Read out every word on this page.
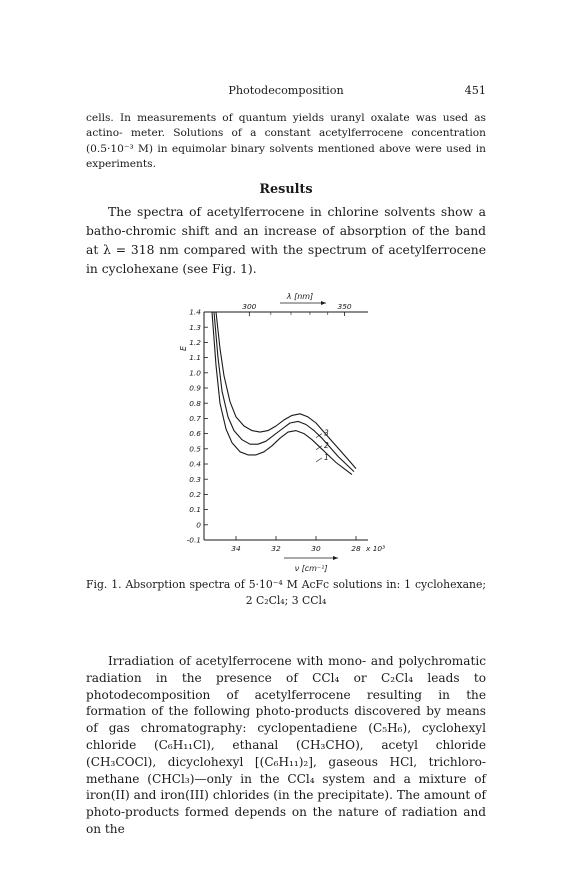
Photodecomposition	451
cells. In measurements of quantum yields uranyl oxalate was used as actino- meter. Solutions of a constant acetylferrocene concentration (0.5·10⁻³ M) in equimolar binary solvents mentioned above were used in experiments.
Results
The spectra of acetylferrocene in chlorine solvents show a batho-chromic shift and an increase of absorption of the band at λ = 318 nm compared with the spectrum of acetylferrocene in cyclohexane (see Fig. 1).
1.4
1.3
1.2
1.1
1.0
0.9
0.8
0.7
0.6
0.5
0.4
0.3
0.2
0.1
0
-0.1
E
34	32	30	28 x 10³
ν [cm⁻¹]
300	350
λ [nm]
1
2
3
Fig. 1. Absorption spectra of 5·10⁻⁴ M AcFc solutions in: 1 cyclohexane;
2 C₂Cl₄; 3 CCl₄
Irradiation of acetylferrocene with mono- and polychromatic radiation in the presence of CCl₄ or C₂Cl₄ leads to photodecomposition of acetylferrocene resulting in the formation of the following photo-products discovered by means of gas chromatography: cyclopentadiene (C₅H₆), cyclohexyl chloride (C₆H₁₁Cl), ethanal (CH₃CHO), acetyl chloride (CH₃COCl), dicyclohexyl [(C₆H₁₁)₂], gaseous HCl, trichloro-methane (CHCl₃)—only in the CCl₄ system and a mixture of iron(II) and iron(III) chlorides (in the precipitate). The amount of photo-products formed depends on the nature of radiation and on the
